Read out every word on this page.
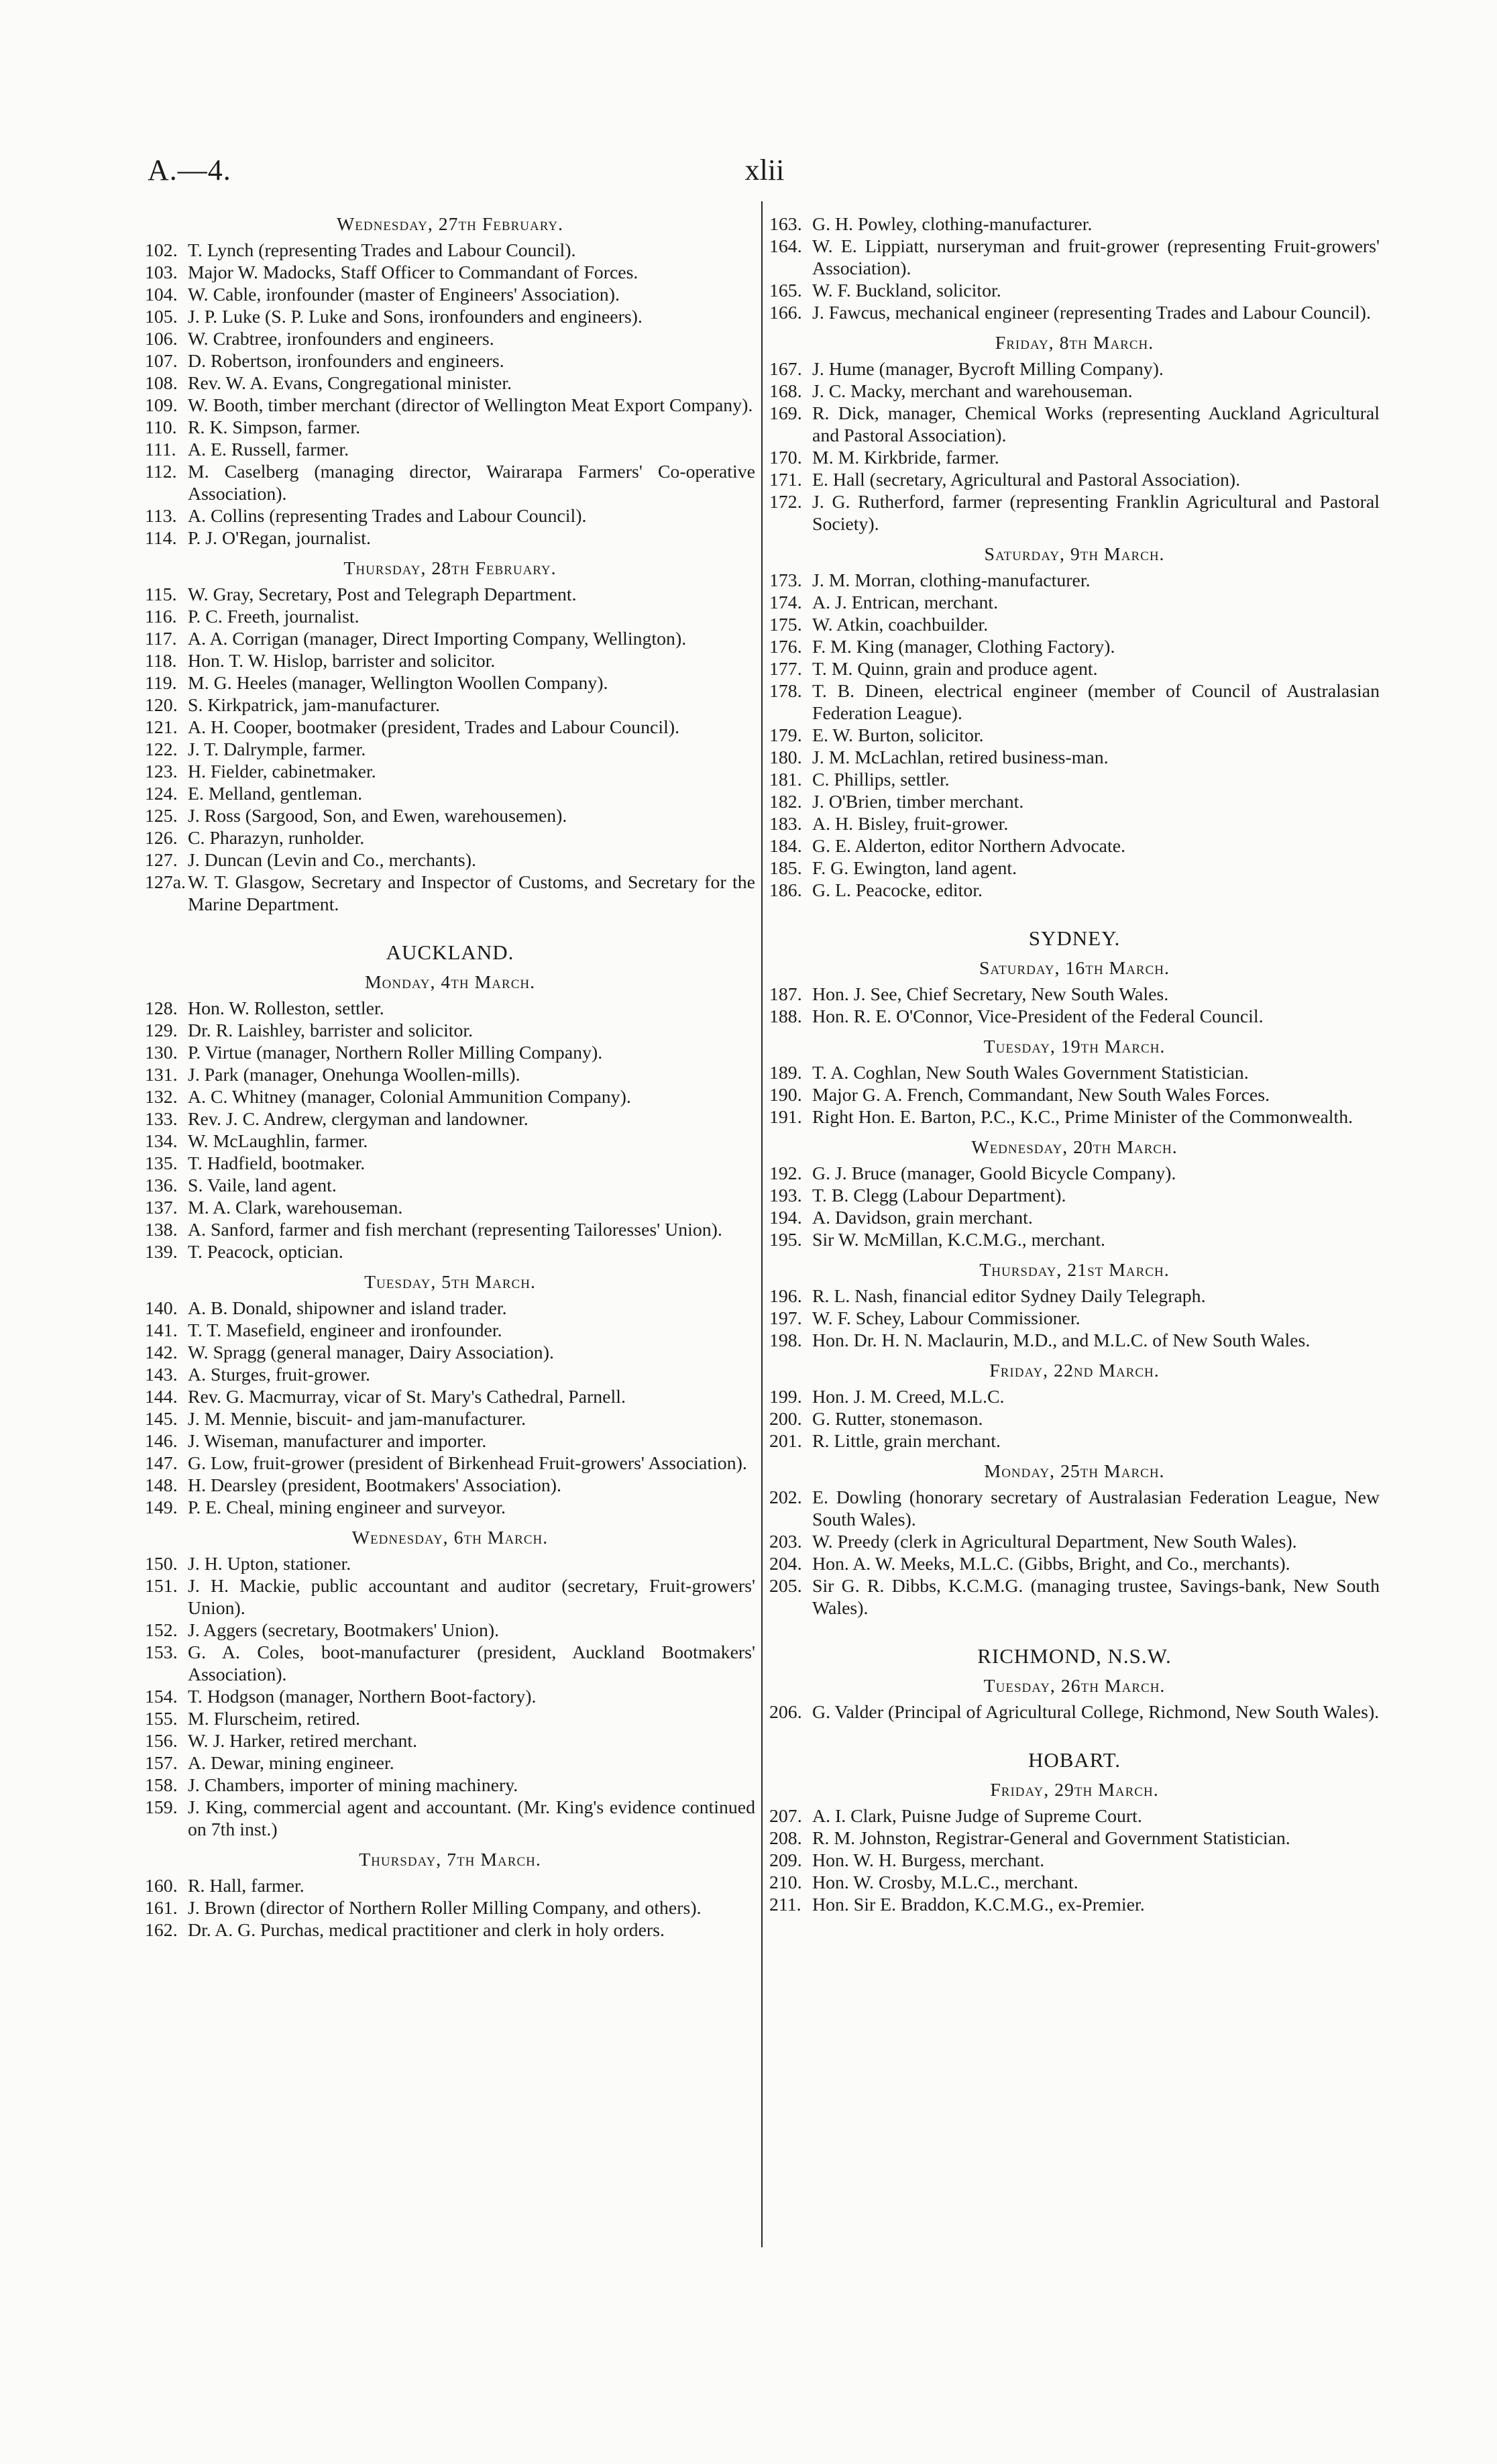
A.—4.	xlii
Wednesday, 27th February.
102. T. Lynch (representing Trades and Labour Council).
103. Major W. Madocks, Staff Officer to Commandant of Forces.
104. W. Cable, ironfounder (master of Engineers' Association).
105. J. P. Luke (S. P. Luke and Sons, ironfounders and engineers).
106. W. Crabtree, ironfounders and engineers.
107. D. Robertson, ironfounders and engineers.
108. Rev. W. A. Evans, Congregational minister.
109. W. Booth, timber merchant (director of Wellington Meat Export Company).
110. R. K. Simpson, farmer.
111. A. E. Russell, farmer.
112. M. Caselberg (managing director, Wairarapa Farmers' Co-operative Association).
113. A. Collins (representing Trades and Labour Council).
114. P. J. O'Regan, journalist.
Thursday, 28th February.
115. W. Gray, Secretary, Post and Telegraph Department.
116. P. C. Freeth, journalist.
117. A. A. Corrigan (manager, Direct Importing Company, Wellington).
118. Hon. T. W. Hislop, barrister and solicitor.
119. M. G. Heeles (manager, Wellington Woollen Company).
120. S. Kirkpatrick, jam-manufacturer.
121. A. H. Cooper, bootmaker (president, Trades and Labour Council).
122. J. T. Dalrymple, farmer.
123. H. Fielder, cabinetmaker.
124. E. Melland, gentleman.
125. J. Ross (Sargood, Son, and Ewen, warehousemen).
126. C. Pharazyn, runholder.
127. J. Duncan (Levin and Co., merchants).
127a. W. T. Glasgow, Secretary and Inspector of Customs, and Secretary for the Marine Department.
AUCKLAND.
Monday, 4th March.
128. Hon. W. Rolleston, settler.
129. Dr. R. Laishley, barrister and solicitor.
130. P. Virtue (manager, Northern Roller Milling Company).
131. J. Park (manager, Onehunga Woollen-mills).
132. A. C. Whitney (manager, Colonial Ammunition Company).
133. Rev. J. C. Andrew, clergyman and landowner.
134. W. McLaughlin, farmer.
135. T. Hadfield, bootmaker.
136. S. Vaile, land agent.
137. M. A. Clark, warehouseman.
138. A. Sanford, farmer and fish merchant (representing Tailoresses' Union).
139. T. Peacock, optician.
Tuesday, 5th March.
140. A. B. Donald, shipowner and island trader.
141. T. T. Masefield, engineer and ironfounder.
142. W. Spragg (general manager, Dairy Association).
143. A. Sturges, fruit-grower.
144. Rev. G. Macmurray, vicar of St. Mary's Cathedral, Parnell.
145. J. M. Mennie, biscuit- and jam-manufacturer.
146. J. Wiseman, manufacturer and importer.
147. G. Low, fruit-grower (president of Birkenhead Fruit-growers' Association).
148. H. Dearsley (president, Bootmakers' Association).
149. P. E. Cheal, mining engineer and surveyor.
Wednesday, 6th March.
150. J. H. Upton, stationer.
151. J. H. Mackie, public accountant and auditor (secretary, Fruit-growers' Union).
152. J. Aggers (secretary, Bootmakers' Union).
153. G. A. Coles, boot-manufacturer (president, Auckland Bootmakers' Association).
154. T. Hodgson (manager, Northern Boot-factory).
155. M. Flurscheim, retired.
156. W. J. Harker, retired merchant.
157. A. Dewar, mining engineer.
158. J. Chambers, importer of mining machinery.
159. J. King, commercial agent and accountant. (Mr. King's evidence continued on 7th inst.)
Thursday, 7th March.
160. R. Hall, farmer.
161. J. Brown (director of Northern Roller Milling Company, and others).
162. Dr. A. G. Purchas, medical practitioner and clerk in holy orders.
163. G. H. Powley, clothing-manufacturer.
164. W. E. Lippiatt, nurseryman and fruit-grower (representing Fruit-growers' Association).
165. W. F. Buckland, solicitor.
166. J. Fawcus, mechanical engineer (representing Trades and Labour Council).
Friday, 8th March.
167. J. Hume (manager, Bycroft Milling Company).
168. J. C. Macky, merchant and warehouseman.
169. R. Dick, manager, Chemical Works (representing Auckland Agricultural and Pastoral Association).
170. M. M. Kirkbride, farmer.
171. E. Hall (secretary, Agricultural and Pastoral Association).
172. J. G. Rutherford, farmer (representing Franklin Agricultural and Pastoral Society).
Saturday, 9th March.
173. J. M. Morran, clothing-manufacturer.
174. A. J. Entrican, merchant.
175. W. Atkin, coachbuilder.
176. F. M. King (manager, Clothing Factory).
177. T. M. Quinn, grain and produce agent.
178. T. B. Dineen, electrical engineer (member of Council of Australasian Federation League).
179. E. W. Burton, solicitor.
180. J. M. McLachlan, retired business-man.
181. C. Phillips, settler.
182. J. O'Brien, timber merchant.
183. A. H. Bisley, fruit-grower.
184. G. E. Alderton, editor Northern Advocate.
185. F. G. Ewington, land agent.
186. G. L. Peacocke, editor.
SYDNEY.
Saturday, 16th March.
187. Hon. J. See, Chief Secretary, New South Wales.
188. Hon. R. E. O'Connor, Vice-President of the Federal Council.
Tuesday, 19th March.
189. T. A. Coghlan, New South Wales Government Statistician.
190. Major G. A. French, Commandant, New South Wales Forces.
191. Right Hon. E. Barton, P.C., K.C., Prime Minister of the Commonwealth.
Wednesday, 20th March.
192. G. J. Bruce (manager, Goold Bicycle Company).
193. T. B. Clegg (Labour Department).
194. A. Davidson, grain merchant.
195. Sir W. McMillan, K.C.M.G., merchant.
Thursday, 21st March.
196. R. L. Nash, financial editor Sydney Daily Telegraph.
197. W. F. Schey, Labour Commissioner.
198. Hon. Dr. H. N. Maclaurin, M.D., and M.L.C. of New South Wales.
Friday, 22nd March.
199. Hon. J. M. Creed, M.L.C.
200. G. Rutter, stonemason.
201. R. Little, grain merchant.
Monday, 25th March.
202. E. Dowling (honorary secretary of Australasian Federation League, New South Wales).
203. W. Preedy (clerk in Agricultural Department, New South Wales).
204. Hon. A. W. Meeks, M.L.C. (Gibbs, Bright, and Co., merchants).
205. Sir G. R. Dibbs, K.C.M.G. (managing trustee, Savings-bank, New South Wales).
RICHMOND, N.S.W.
Tuesday, 26th March.
206. G. Valder (Principal of Agricultural College, Richmond, New South Wales).
HOBART.
Friday, 29th March.
207. A. I. Clark, Puisne Judge of Supreme Court.
208. R. M. Johnston, Registrar-General and Government Statistician.
209. Hon. W. H. Burgess, merchant.
210. Hon. W. Crosby, M.L.C., merchant.
211. Hon. Sir E. Braddon, K.C.M.G., ex-Premier.
